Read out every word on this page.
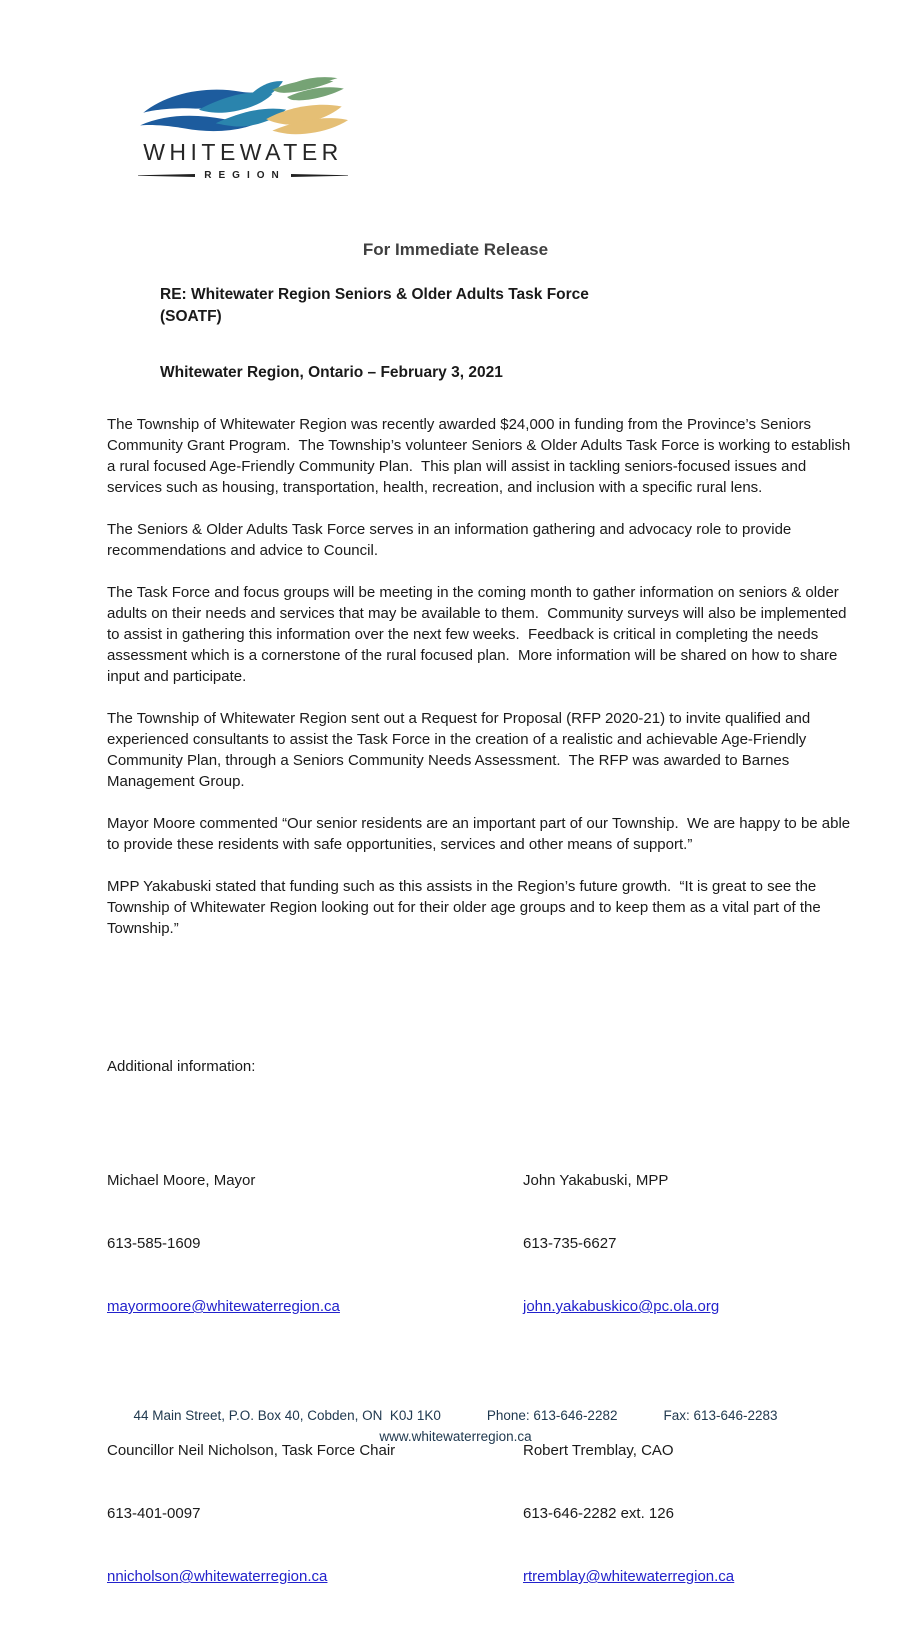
WHITEWATER
REGION
For Immediate Release
RE: Whitewater Region Seniors & Older Adults Task Force (SOATF)
Whitewater Region, Ontario – February 3, 2021

The Township of Whitewater Region was recently awarded $24,000 in funding from the Province’s Seniors Community Grant Program.  The Township’s volunteer Seniors & Older Adults Task Force is working to establish a rural focused Age-Friendly Community Plan.  This plan will assist in tackling seniors-focused issues and services such as housing, transportation, health, recreation, and inclusion with a specific rural lens.

The Seniors & Older Adults Task Force serves in an information gathering and advocacy role to provide recommendations and advice to Council.

The Task Force and focus groups will be meeting in the coming month to gather information on seniors & older adults on their needs and services that may be available to them.  Community surveys will also be implemented to assist in gathering this information over the next few weeks.  Feedback is critical in completing the needs assessment which is a cornerstone of the rural focused plan.  More information will be shared on how to share input and participate.

The Township of Whitewater Region sent out a Request for Proposal (RFP 2020-21) to invite qualified and experienced consultants to assist the Task Force in the creation of a realistic and achievable Age-Friendly Community Plan, through a Seniors Community Needs Assessment.  The RFP was awarded to Barnes Management Group.

Mayor Moore commented “Our senior residents are an important part of our Township.  We are happy to be able to provide these residents with safe opportunities, services and other means of support.”

MPP Yakabuski stated that funding such as this assists in the Region’s future growth.  “It is great to see the Township of Whitewater Region looking out for their older age groups and to keep them as a vital part of the Township.”

Additional information:

Michael Moore, Mayor

613-585-1609

mayormoore@whitewaterregion.ca

John Yakabuski, MPP

613-735-6627

john.yakabuskico@pc.ola.org

Councillor Neil Nicholson, Task Force Chair

613-401-0097

nnicholson@whitewaterregion.ca

Robert Tremblay, CAO

613-646-2282 ext. 126

rtremblay@whitewaterregion.ca

44 Main Street, P.O. Box 40, Cobden, ON  K0J 1K0	Phone: 613-646-2282	Fax: 613-646-2283
www.whitewaterregion.ca
